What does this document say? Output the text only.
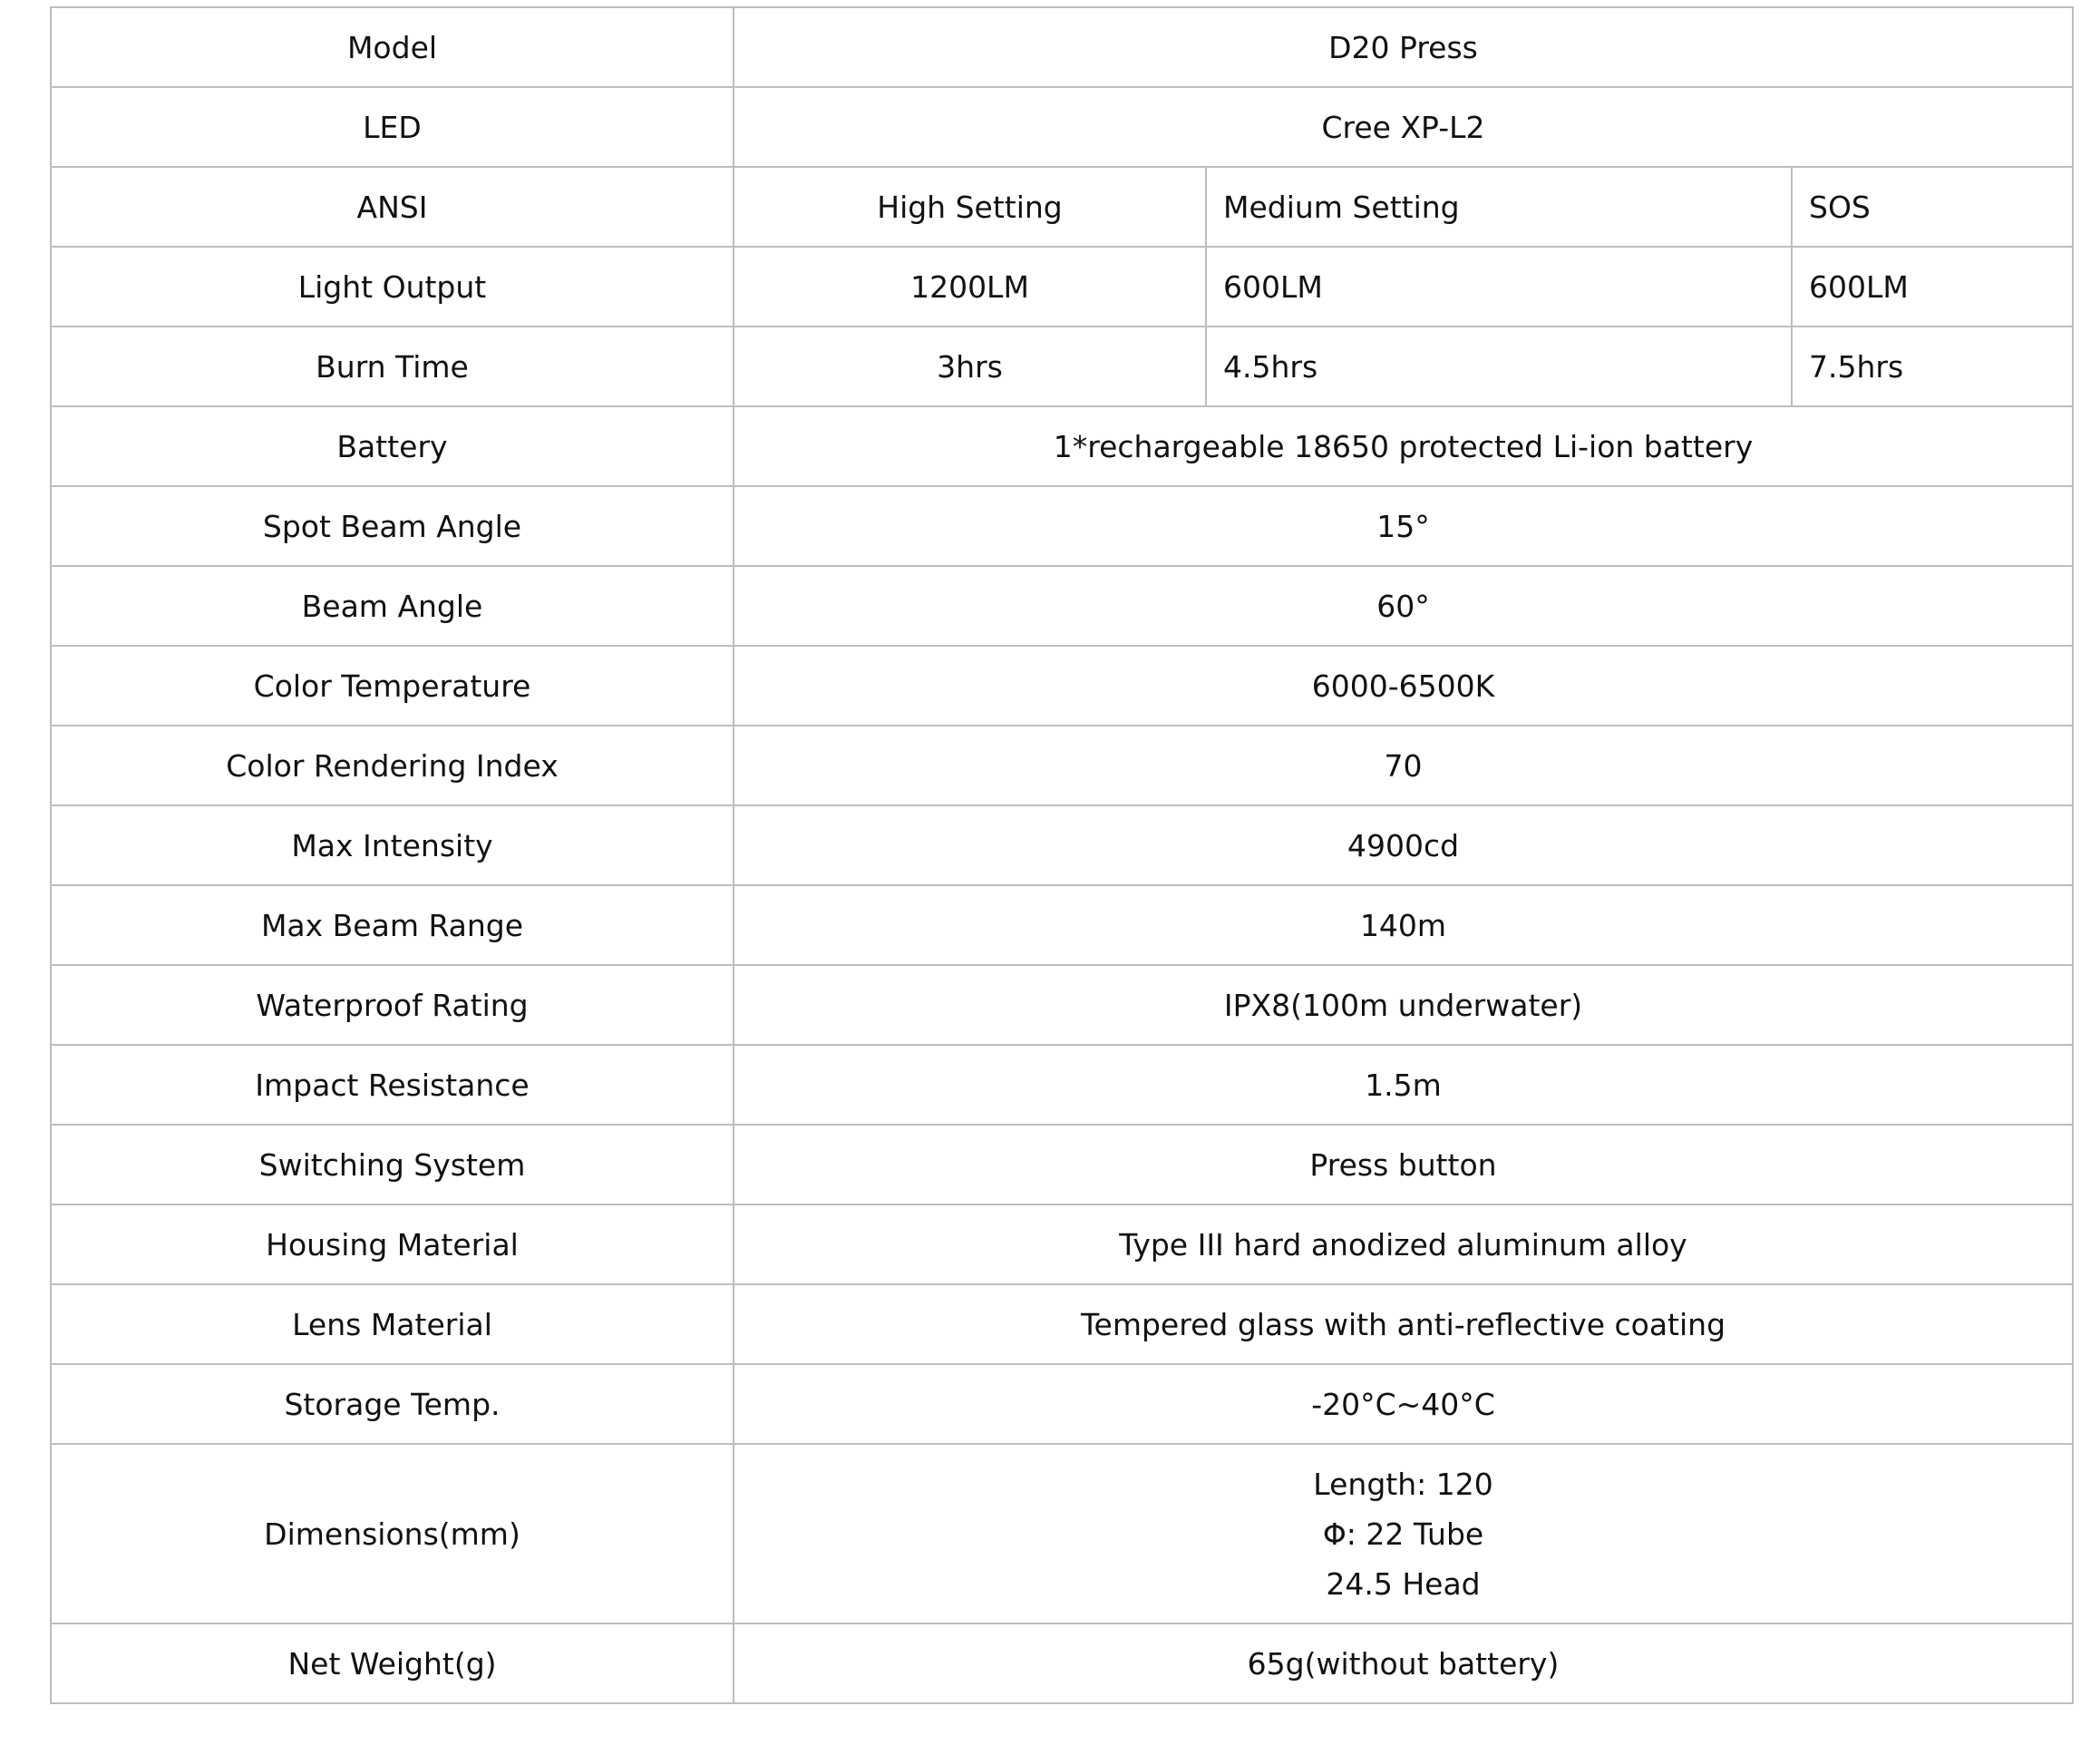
Model	D20 Press		
LED	Cree XP-L2		
ANSI	High Setting	Medium Setting	SOS
Light Output	1200LM	600LM	600LM
Burn Time	3hrs	4.5hrs	7.5hrs
Battery	1*rechargeable 18650 protected Li-ion battery		
Spot Beam Angle	15°		
Beam Angle	60°		
Color Temperature	6000-6500K		
Color Rendering Index	70		
Max Intensity	4900cd		
Max Beam Range	140m		
Waterproof Rating	IPX8(100m underwater)		
Impact Resistance	1.5m		
Switching System	Press button		
Housing Material	Type III hard anodized aluminum alloy		
Lens Material	Tempered glass with anti-reflective coating		
Storage Temp.	-20°C~40°C		
Dimensions(mm)	Length: 120
Φ: 22 Tube
24.5 Head		

Net Weight(g)	65g(without battery)		
